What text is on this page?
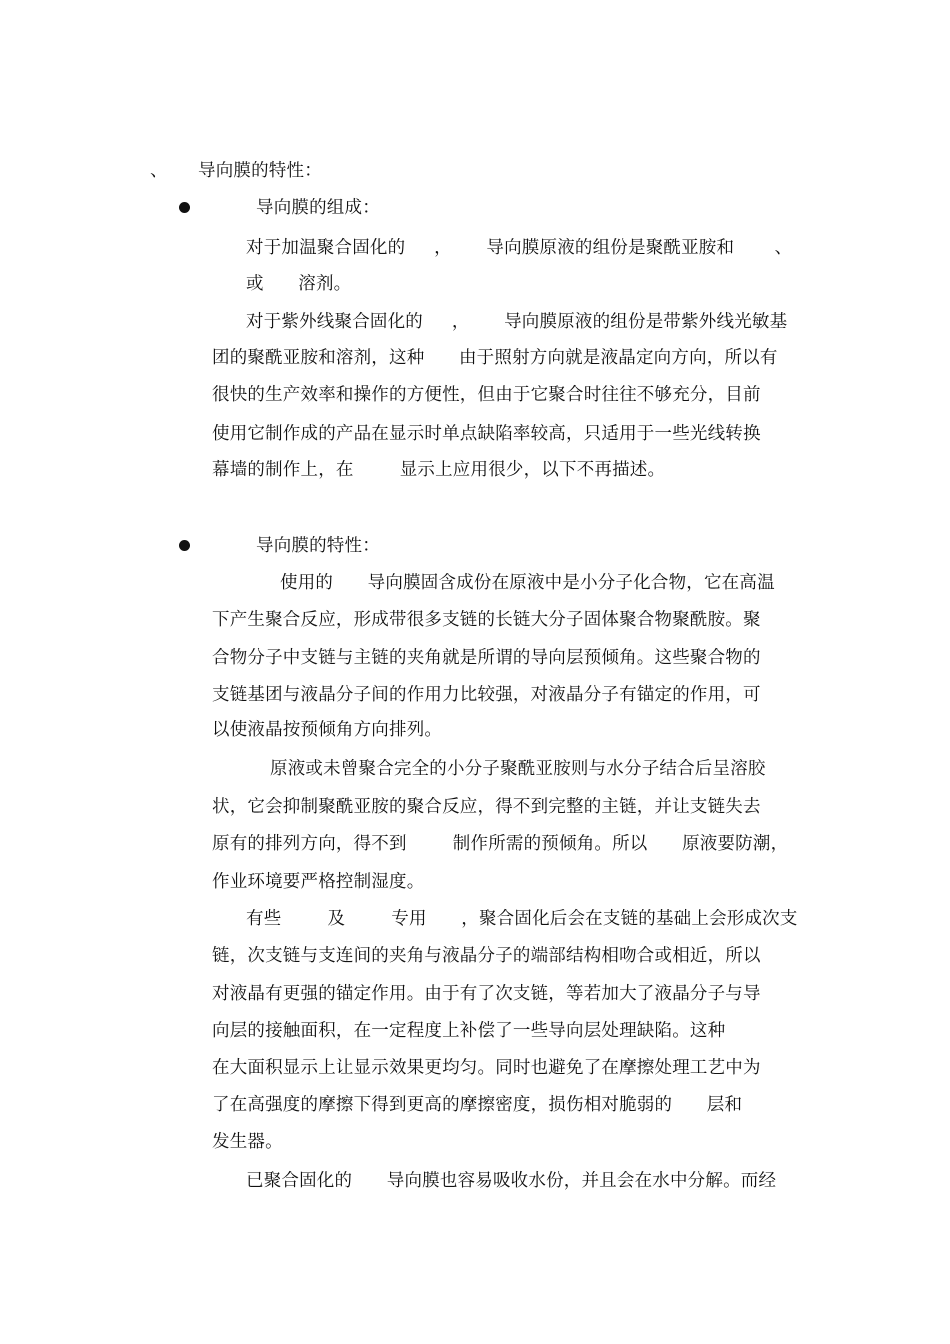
、 导向膜的特性：
导向膜的组成：
对于加温聚合固化的     ，      导向膜原液的组份是聚酰亚胺和       、
或      溶剂。
对于紫外线聚合固化的     ，      导向膜原液的组份是带紫外线光敏基
团的聚酰亚胺和溶剂，这种      由于照射方向就是液晶定向方向，所以有
很快的生产效率和操作的方便性，但由于它聚合时往往不够充分，目前
使用它制作成的产品在显示时单点缺陷率较高，只适用于一些光线转换
幕墙的制作上，在        显示上应用很少，以下不再描述。
导向膜的特性：
使用的      导向膜固含成份在原液中是小分子化合物，它在高温
下产生聚合反应，形成带很多支链的长链大分子固体聚合物聚酰胺。聚
合物分子中支链与主链的夹角就是所谓的导向层预倾角。这些聚合物的
支链基团与液晶分子间的作用力比较强，对液晶分子有锚定的作用，可
以使液晶按预倾角方向排列。
原液或未曾聚合完全的小分子聚酰亚胺则与水分子结合后呈溶胶
状，它会抑制聚酰亚胺的聚合反应，得不到完整的主链，并让支链失去
原有的排列方向，得不到        制作所需的预倾角。所以      原液要防潮，
作业环境要严格控制湿度。
有些        及        专用      ，聚合固化后会在支链的基础上会形成次支
链，次支链与支连间的夹角与液晶分子的端部结构相吻合或相近，所以
对液晶有更强的锚定作用。由于有了次支链，等若加大了液晶分子与导
向层的接触面积，在一定程度上补偿了一些导向层处理缺陷。这种
在大面积显示上让显示效果更均匀。同时也避免了在摩擦处理工艺中为
了在高强度的摩擦下得到更高的摩擦密度，损伤相对脆弱的      层和
发生器。
已聚合固化的      导向膜也容易吸收水份，并且会在水中分解。而经
